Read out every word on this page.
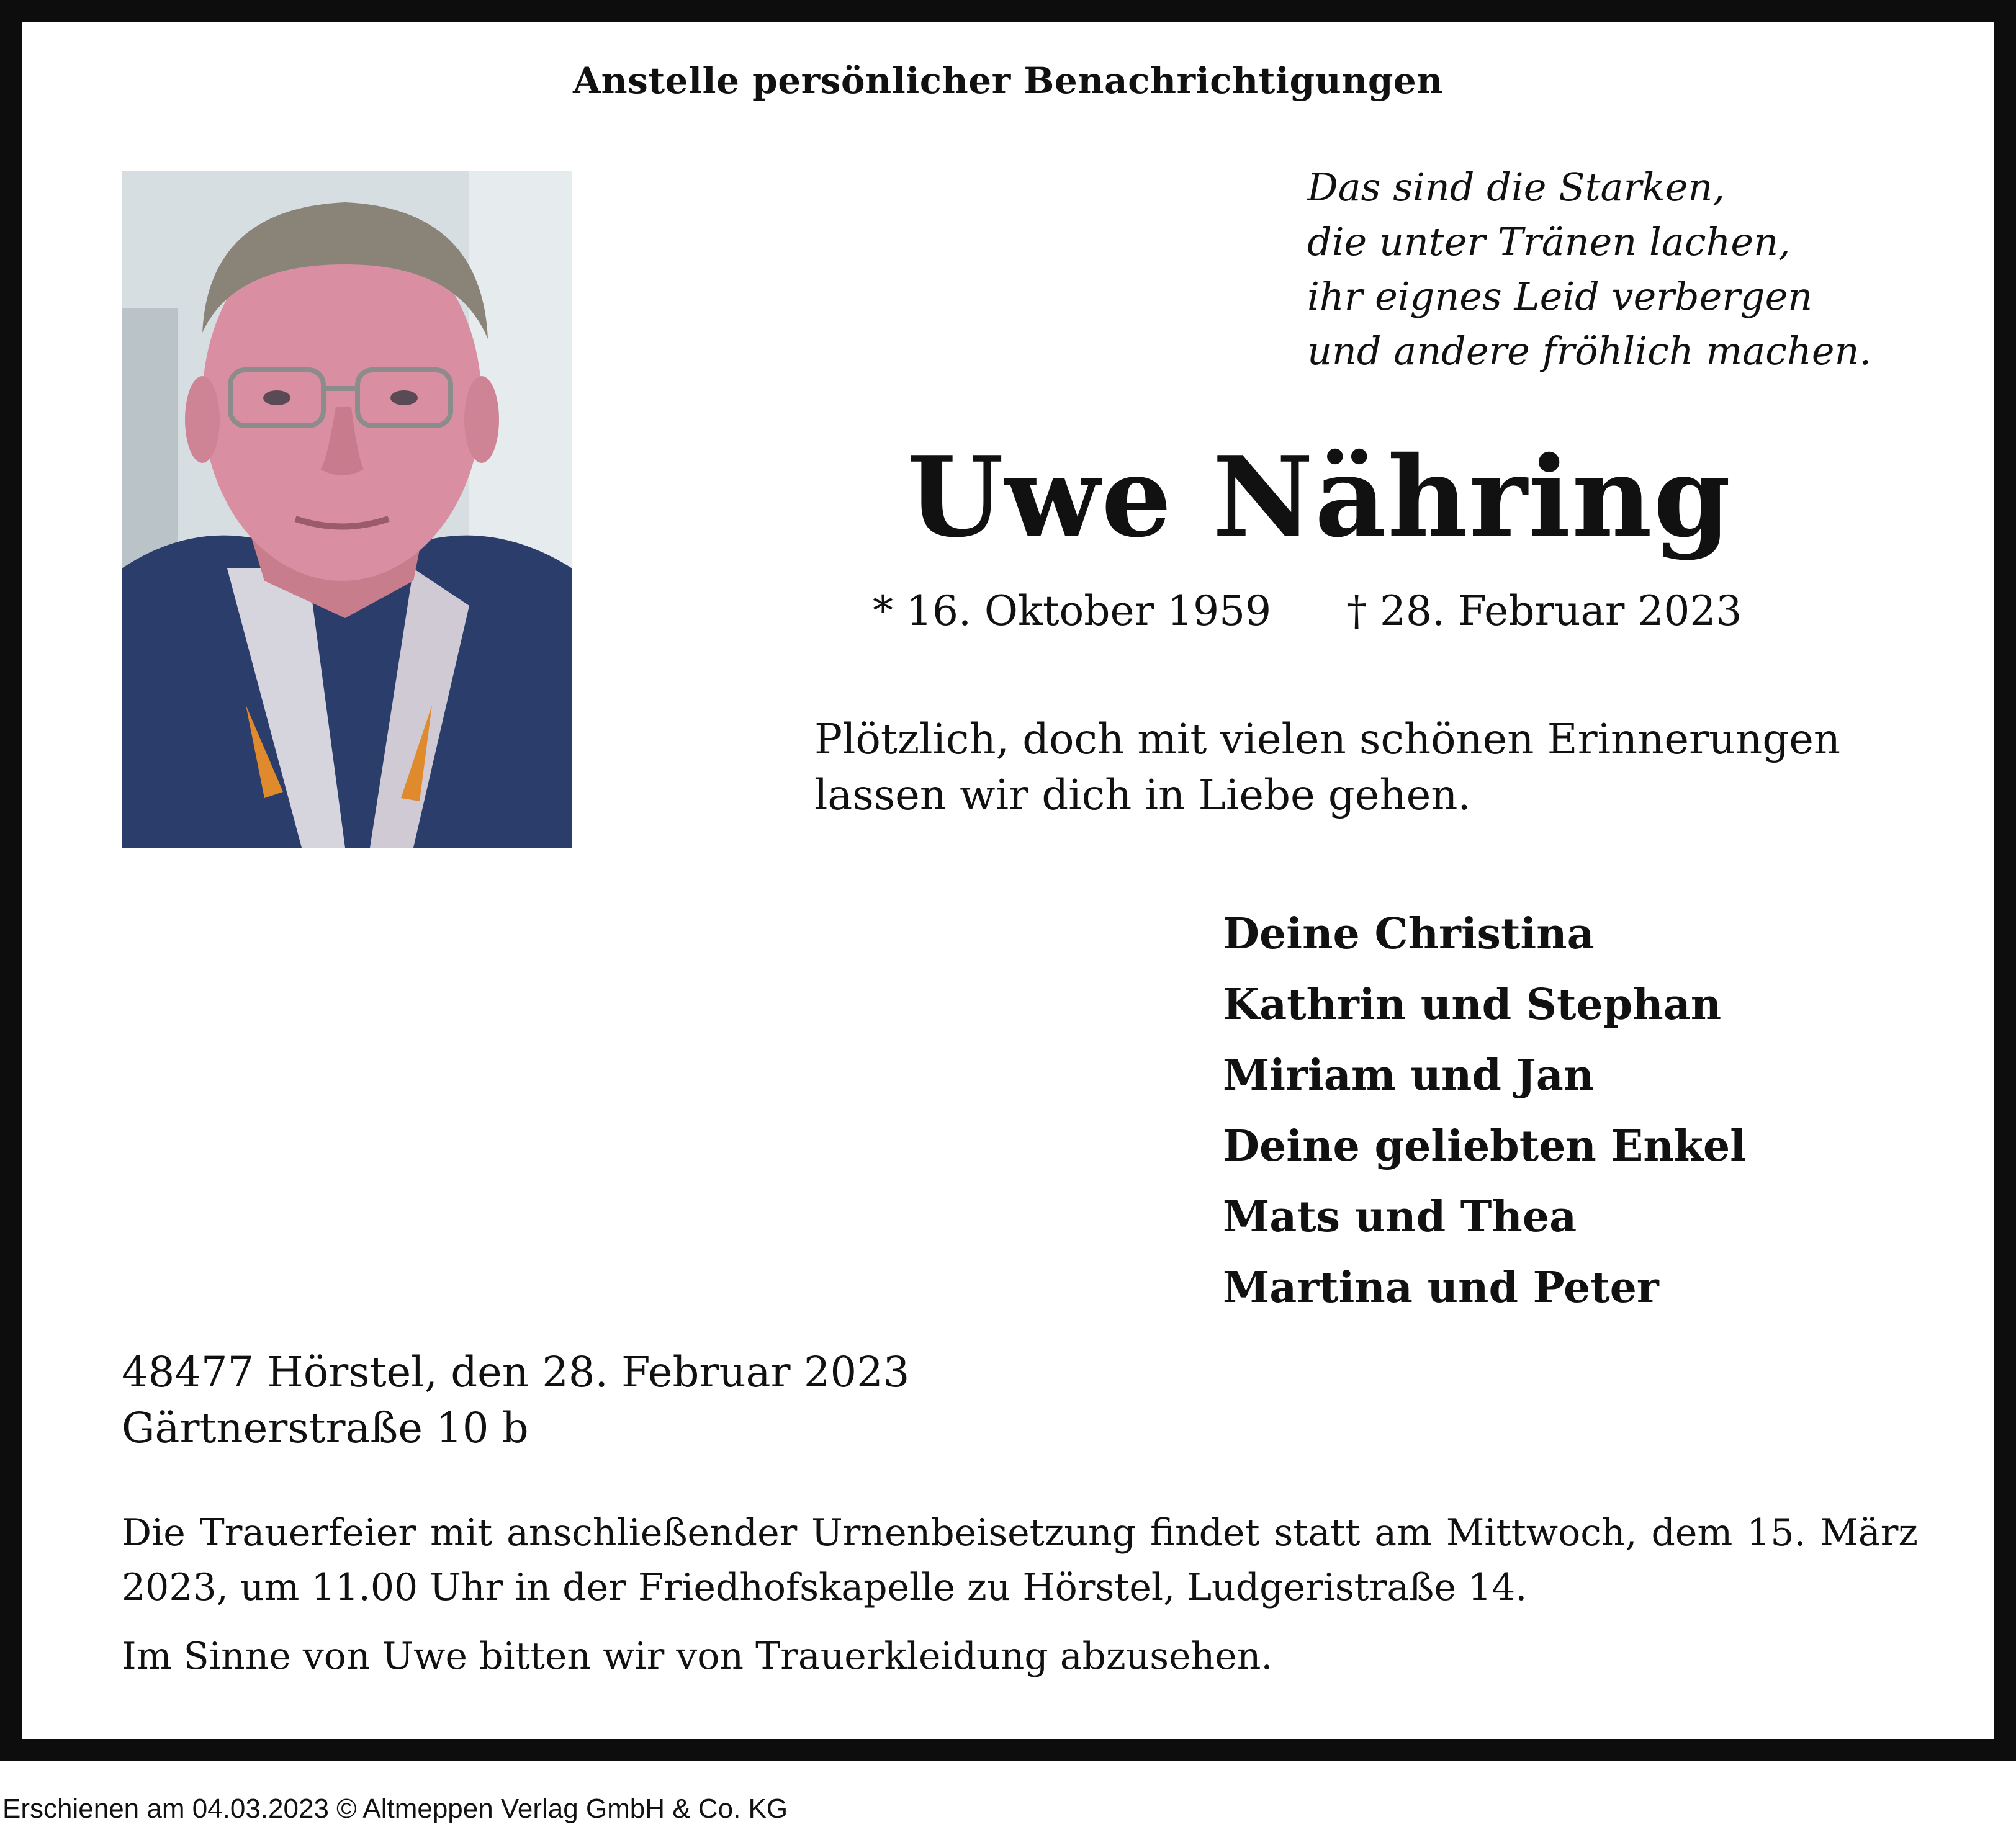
Anstelle persönlicher Benachrichtigungen
Das sind die Starken,
die unter Tränen lachen,
ihr eignes Leid verbergen
und andere fröhlich machen.
Uwe Nähring
* 16. Oktober 1959 † 28. Februar 2023
Plötzlich, doch mit vielen schönen Erinnerungen
lassen wir dich in Liebe gehen.
Deine Christina
Kathrin und Stephan
Miriam und Jan
Deine geliebten Enkel
Mats und Thea
Martina und Peter
48477 Hörstel, den 28. Februar 2023
Gärtnerstraße 10 b
Die Trauerfeier mit anschließender Urnenbeisetzung findet statt am Mittwoch, dem 15. März 2023, um 11.00 Uhr in der Friedhofskapelle zu Hörstel, Ludgeristraße 14.
Im Sinne von Uwe bitten wir von Trauerkleidung abzusehen.
Erschienen am 04.03.2023 © Altmeppen Verlag GmbH & Co. KG
